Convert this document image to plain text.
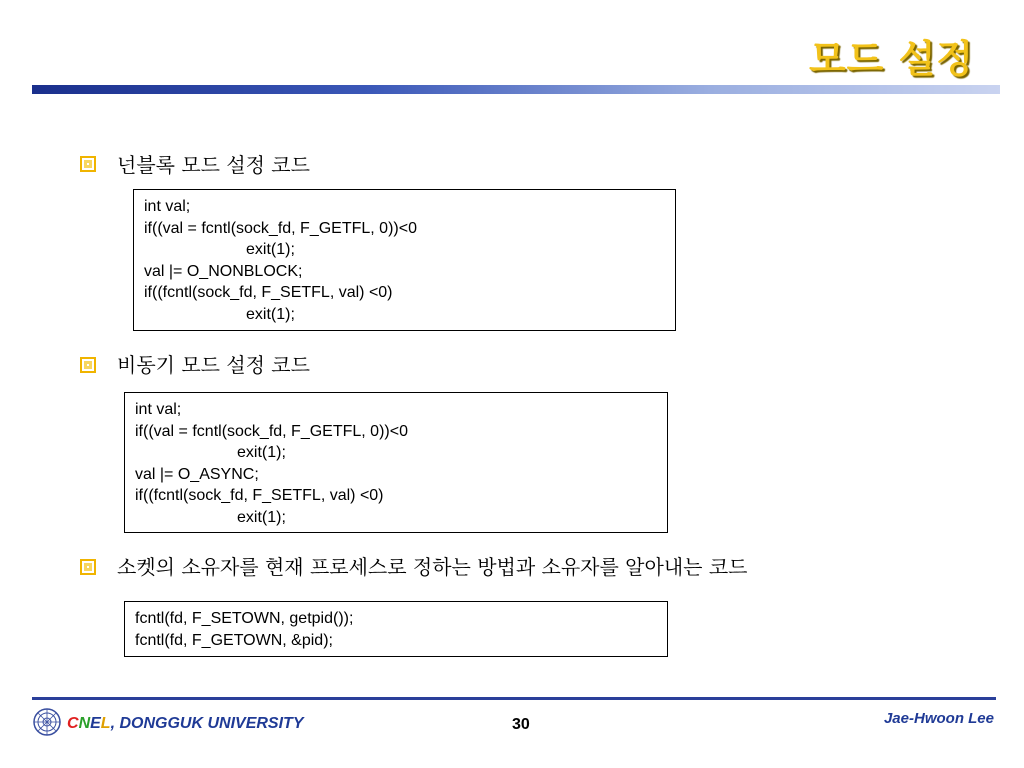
모드 설정
넌블록 모드 설정 코드
int val;
if((val = fcntl(sock_fd, F_GETFL, 0))<0
exit(1);
val |= O_NONBLOCK;
if((fcntl(sock_fd, F_SETFL, val) <0)
exit(1);
비동기 모드 설정 코드
int val;
if((val = fcntl(sock_fd, F_GETFL, 0))<0
exit(1);
val |= O_ASYNC;
if((fcntl(sock_fd, F_SETFL, val) <0)
exit(1);
소켓의 소유자를 현재 프로세스로 정하는 방법과 소유자를 알아내는 코드
fcntl(fd, F_SETOWN, getpid());
fcntl(fd, F_GETOWN, &pid);
CNEL, DONGGUK UNIVERSITY	30	Jae-Hwoon Lee
